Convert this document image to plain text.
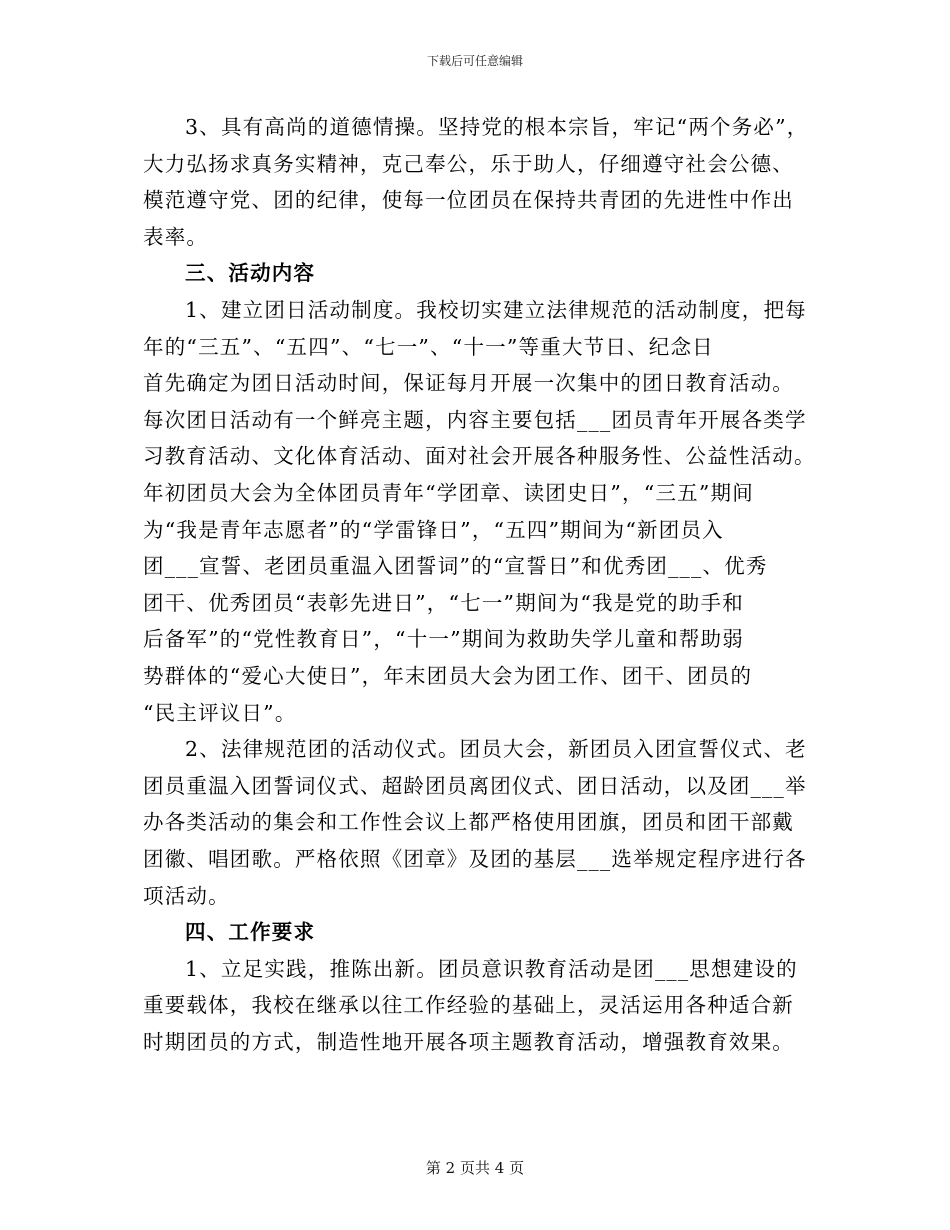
下载后可任意编辑
3、具有高尚的道德情操。坚持党的根本宗旨，牢记“两个务必”，
大力弘扬求真务实精神，克己奉公，乐于助人，仔细遵守社会公德、
模范遵守党、团的纪律，使每一位团员在保持共青团的先进性中作出
表率。
三、活动内容
1、建立团日活动制度。我校切实建立法律规范的活动制度，把每
年的“三五”、“五四”、“七一”、“十一”等重大节日、纪念日
首先确定为团日活动时间，保证每月开展一次集中的团日教育活动。
每次团日活动有一个鲜亮主题，内容主要包括___团员青年开展各类学
习教育活动、文化体育活动、面对社会开展各种服务性、公益性活动。
年初团员大会为全体团员青年“学团章、读团史日”，“三五”期间
为“我是青年志愿者”的“学雷锋日”，“五四”期间为“新团员入
团___宣誓、老团员重温入团誓词”的“宣誓日”和优秀团___、优秀
团干、优秀团员“表彰先进日”，“七一”期间为“我是党的助手和
后备军”的“党性教育日”，“十一”期间为救助失学儿童和帮助弱
势群体的“爱心大使日”，年末团员大会为团工作、团干、团员的
“民主评议日”。
2、法律规范团的活动仪式。团员大会，新团员入团宣誓仪式、老
团员重温入团誓词仪式、超龄团员离团仪式、团日活动，以及团___举
办各类活动的集会和工作性会议上都严格使用团旗，团员和团干部戴
团徽、唱团歌。严格依照《团章》及团的基层___选举规定程序进行各
项活动。
四、工作要求
1、立足实践，推陈出新。团员意识教育活动是团___思想建设的
重要载体，我校在继承以往工作经验的基础上，灵活运用各种适合新
时期团员的方式，制造性地开展各项主题教育活动，增强教育效果。
第 2 页共 4 页
